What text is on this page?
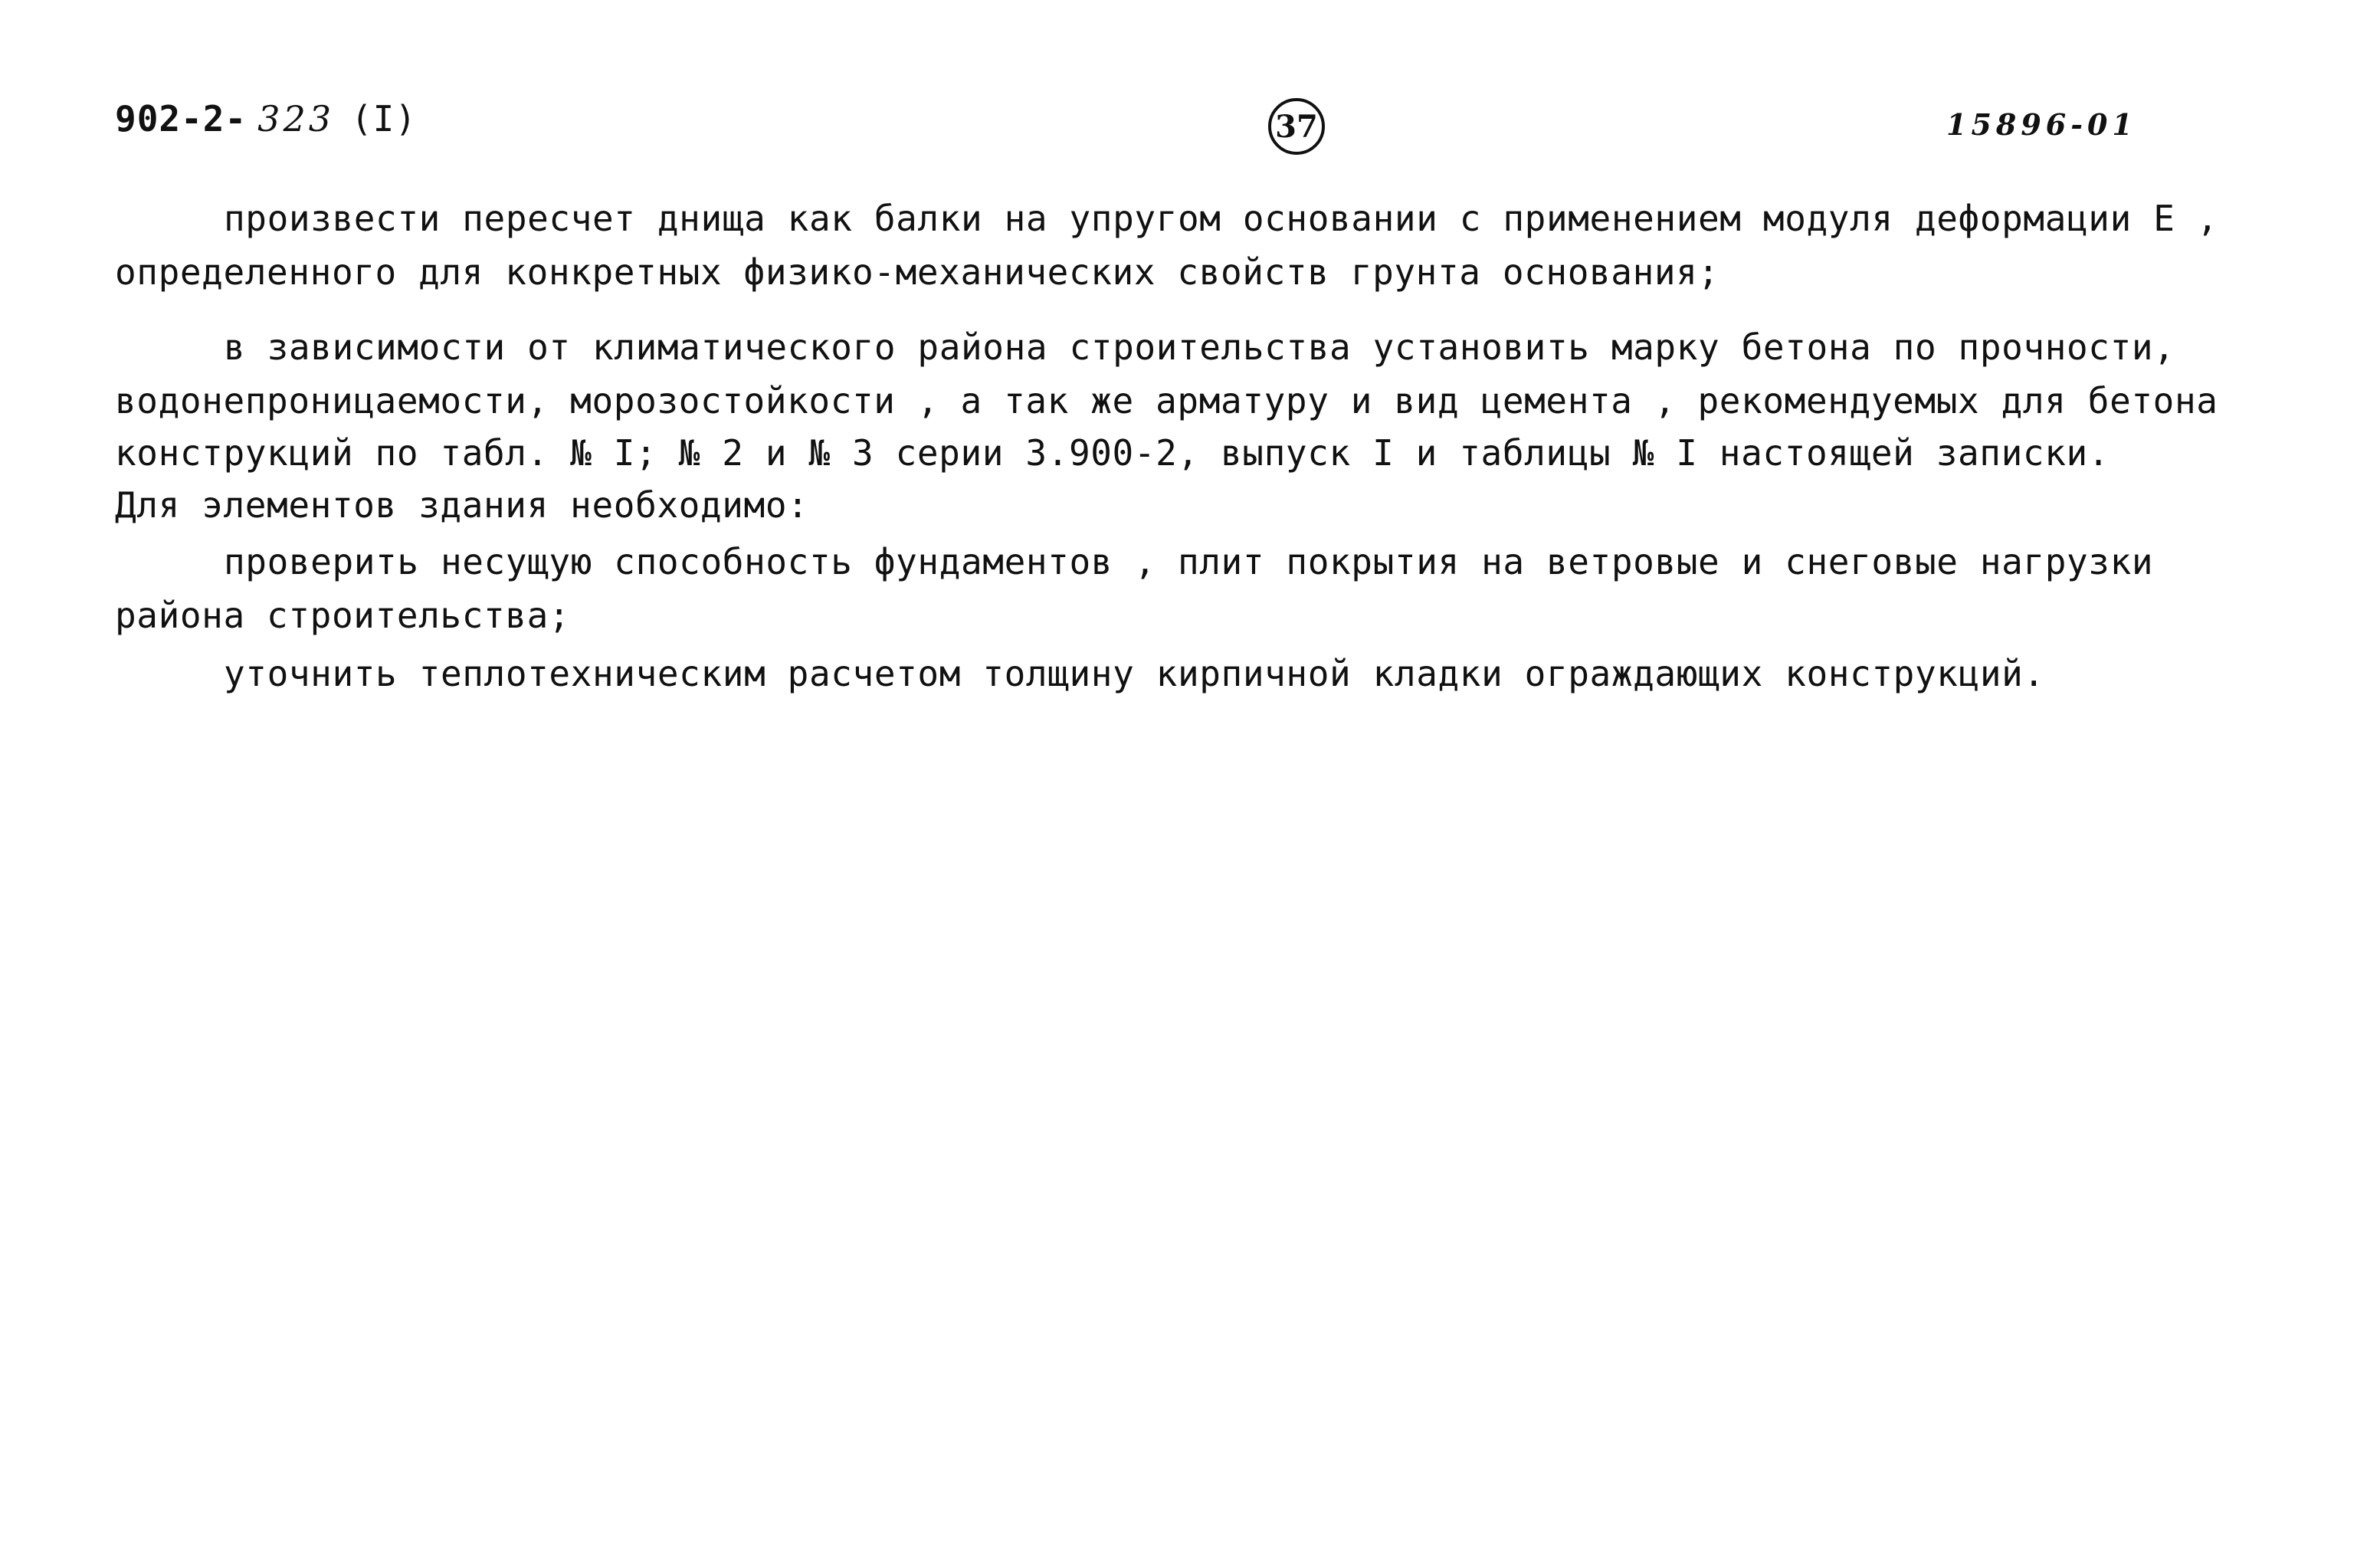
902-2- 323 (I)	37	15896-01
произвести пересчет днища как балки на упругом основании с применением модуля деформации E ,
определенного для конкретных физико-механических свойств грунта основания;
в зависимости от климатического района строительства установить марку бетона по прочности,
водонепроницаемости, морозостойкости , а так же арматуру и вид цемента , рекомендуемых для бетона
конструкций по табл. № I; № 2 и № 3 серии 3.900-2, выпуск I и таблицы № I настоящей записки.
Для элементов здания необходимо:
проверить несущую способность фундаментов , плит покрытия на ветровые и снеговые нагрузки
района строительства;
уточнить теплотехническим расчетом толщину кирпичной кладки ограждающих конструкций.
